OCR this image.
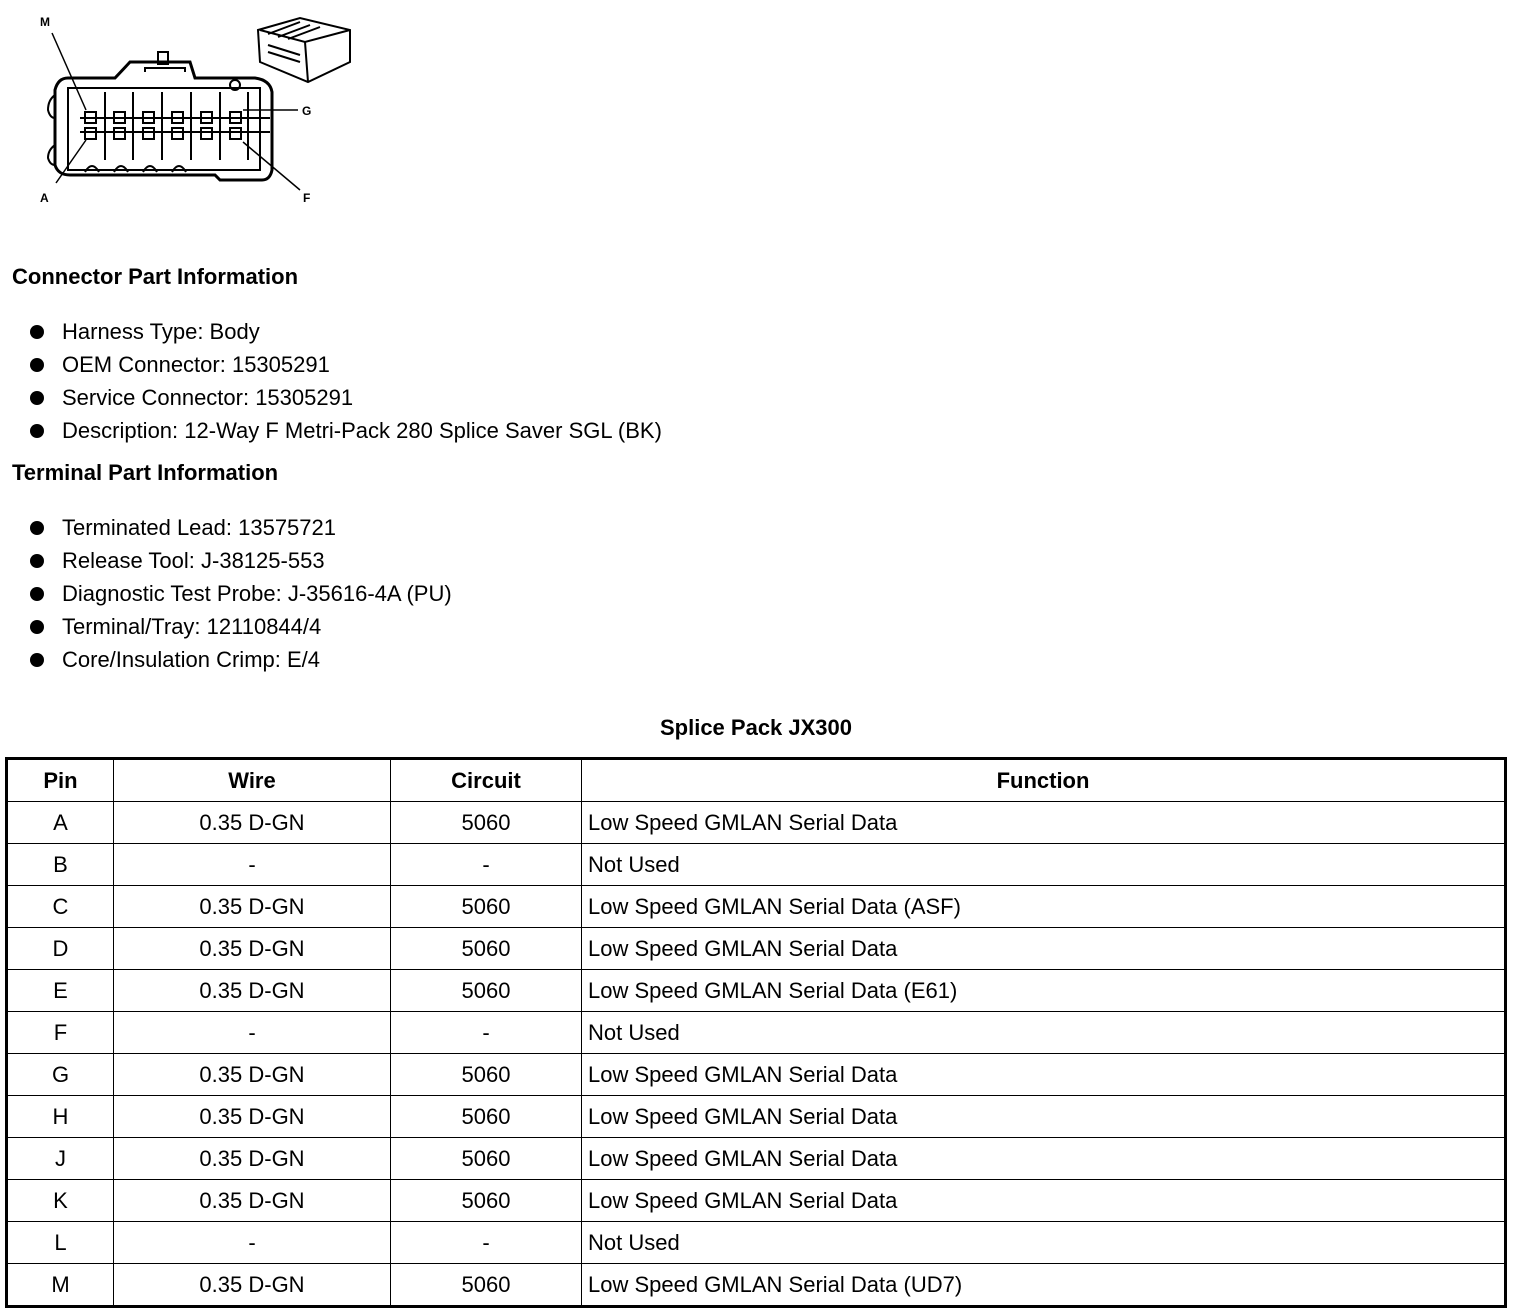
M
G
A	F
Connector Part Information
Harness Type: Body
OEM Connector: 15305291
Service Connector: 15305291
Description: 12-Way F Metri-Pack 280 Splice Saver SGL (BK)
Terminal Part Information
Terminated Lead: 13575721
Release Tool: J-38125-553
Diagnostic Test Probe: J-35616-4A (PU)
Terminal/Tray: 12110844/4
Core/Insulation Crimp: E/4
Splice Pack JX300
Pin	Wire	Circuit	Function
A	0.35 D-GN	5060	Low Speed GMLAN Serial Data
B	-	-	Not Used
C	0.35 D-GN	5060	Low Speed GMLAN Serial Data (ASF)
D	0.35 D-GN	5060	Low Speed GMLAN Serial Data
E	0.35 D-GN	5060	Low Speed GMLAN Serial Data (E61)
F	-	-	Not Used
G	0.35 D-GN	5060	Low Speed GMLAN Serial Data
H	0.35 D-GN	5060	Low Speed GMLAN Serial Data
J	0.35 D-GN	5060	Low Speed GMLAN Serial Data
K	0.35 D-GN	5060	Low Speed GMLAN Serial Data
L	-	-	Not Used
M	0.35 D-GN	5060	Low Speed GMLAN Serial Data (UD7)
